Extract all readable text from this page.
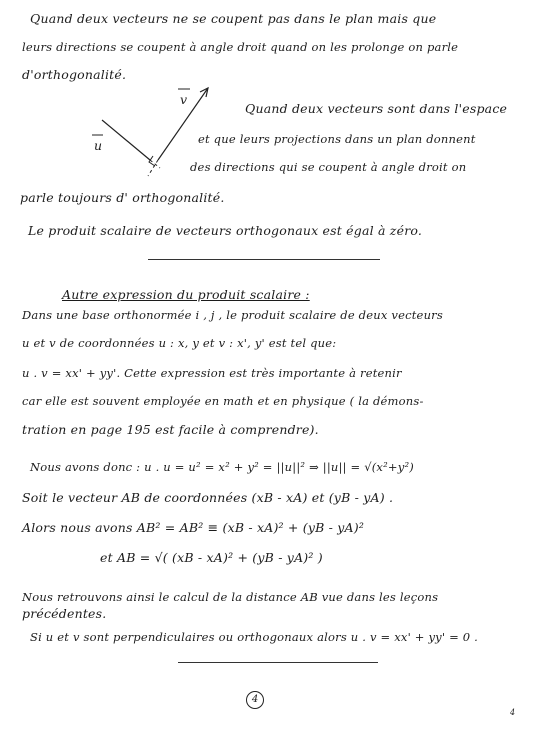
v
u
Quand deux vecteurs ne se coupent pas dans le plan mais que
leurs directions se coupent à angle droit quand on les prolonge on parle
d'orthogonalité.
Quand deux vecteurs sont dans l'espace
et que leurs projections dans un plan donnent
des directions qui se coupent à angle droit on
parle toujours d' orthogonalité.
Le produit scalaire de vecteurs orthogonaux est égal à zéro.
Autre expression du produit scalaire :
Dans une base orthonormée i , j , le produit scalaire de deux vecteurs
u et v de coordonnées u : x, y et v : x', y' est tel que:
u . v = xx' + yy'. Cette expression est très importante à retenir
car elle est souvent employée en math et en physique ( la démons-
tration en page 195 est facile à comprendre).
Nous avons donc : u . u = u² = x² + y² = ||u||² ⇒ ||u|| = √(x²+y²)
Soit le vecteur AB de coordonnées (xB - xA) et (yB - yA) .
Alors nous avons AB² = AB² ≡ (xB - xA)² + (yB - yA)²
et AB = √( (xB - xA)² + (yB - yA)² )
Nous retrouvons ainsi le calcul de la distance AB vue dans les leçons
précédentes.
Si u et v sont perpendiculaires ou orthogonaux alors u . v = xx' + yy' = 0 .
4
4
